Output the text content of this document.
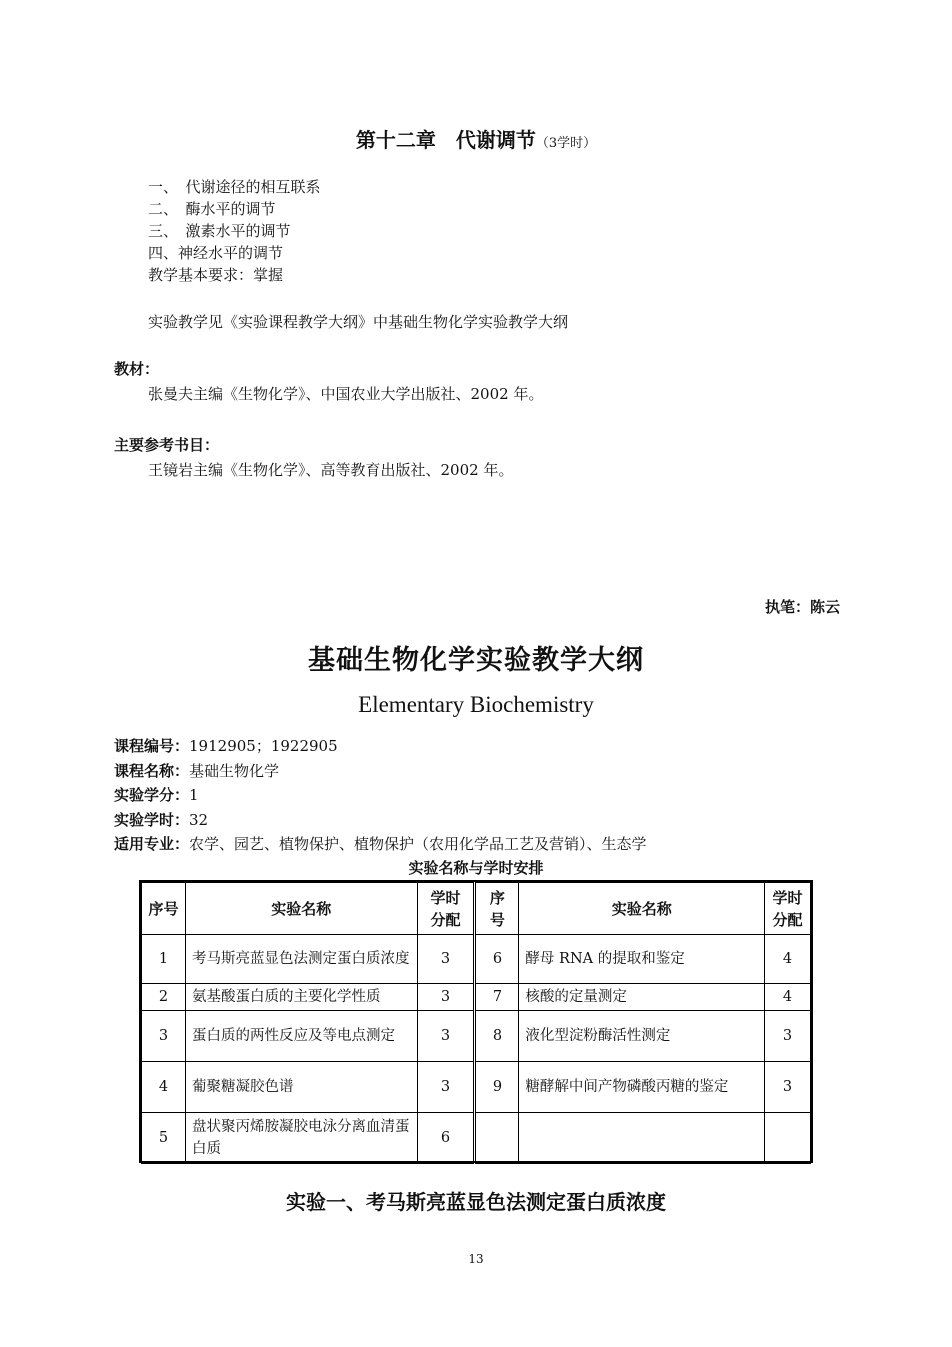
第十二章　代谢调节（3学时）
一、　代谢途径的相互联系
二、　酶水平的调节
三、　激素水平的调节
四、神经水平的调节
教学基本要求：掌握
实验教学见《实验课程教学大纲》中基础生物化学实验教学大纲
教材：
张曼夫主编《生物化学》、中国农业大学出版社、2002 年。
主要参考书目：
王镜岩主编《生物化学》、高等教育出版社、2002 年。
执笔：陈云
基础生物化学实验教学大纲
Elementary Biochemistry
课程编号：1912905；1922905
课程名称：基础生物化学
实验学分：1
实验学时：32
适用专业：农学、园艺、植物保护、植物保护（农用化学品工艺及营销）、生态学
实验名称与学时安排
序号	实验名称	学时分配	序号	实验名称	学时分配
1	考马斯亮蓝显色法测定蛋白质浓度	3	6	酵母 RNA 的提取和鉴定	4
2	氨基酸蛋白质的主要化学性质	3	7	核酸的定量测定	4
3	蛋白质的两性反应及等电点测定	3	8	液化型淀粉酶活性测定	3
4	葡聚糖凝胶色谱	3	9	糖酵解中间产物磷酸丙糖的鉴定	3
5	盘状聚丙烯胺凝胶电泳分离血清蛋白质	6			
实验一、考马斯亮蓝显色法测定蛋白质浓度
13
